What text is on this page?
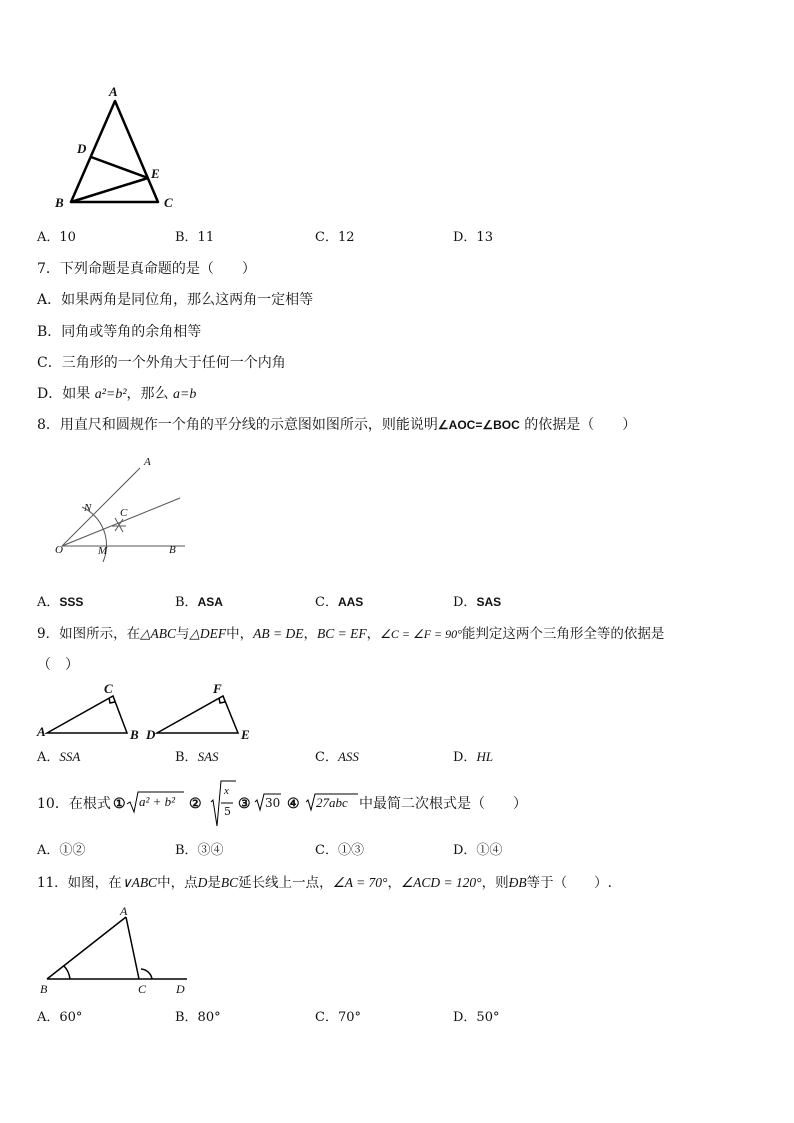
A
D
E
B	C
A．10	B．11	C．12	D．13
7．下列命题是真命题的是（　　）
A．如果两角是同位角，那么这两角一定相等
B．同角或等角的余角相等
C．三角形的一个外角大于任何一个内角
D．如果 a²=b²，那么 a=b
8．用直尺和圆规作一个角的平分线的示意图如图所示，则能说明∠AOC=∠BOC 的依据是（　　）
A
N	C
O	M	B
A．SSS	B．ASA	C．AAS	D．SAS
9．如图所示，在△ABC与△DEF中，AB = DE，BC = EF，∠C = ∠F = 90°能判定这两个三角形全等的依据是
（　）
C
A	B
F
D	E
A．SSA	B．SAS	C．ASS	D．HL
10．在根式 ① a² + b² ②
x
5 ③ 30 ④ 27abc 中最简二次根式是（　　）
A．①②	B．③④	C．①③	D．①④
11．如图，在∨ABC中，点D是BC延长线上一点，∠A = 70°，∠ACD = 120°，则ÐB等于（　　）.
A
B	C D
A．60°	B．80°	C．70°	D．50°
